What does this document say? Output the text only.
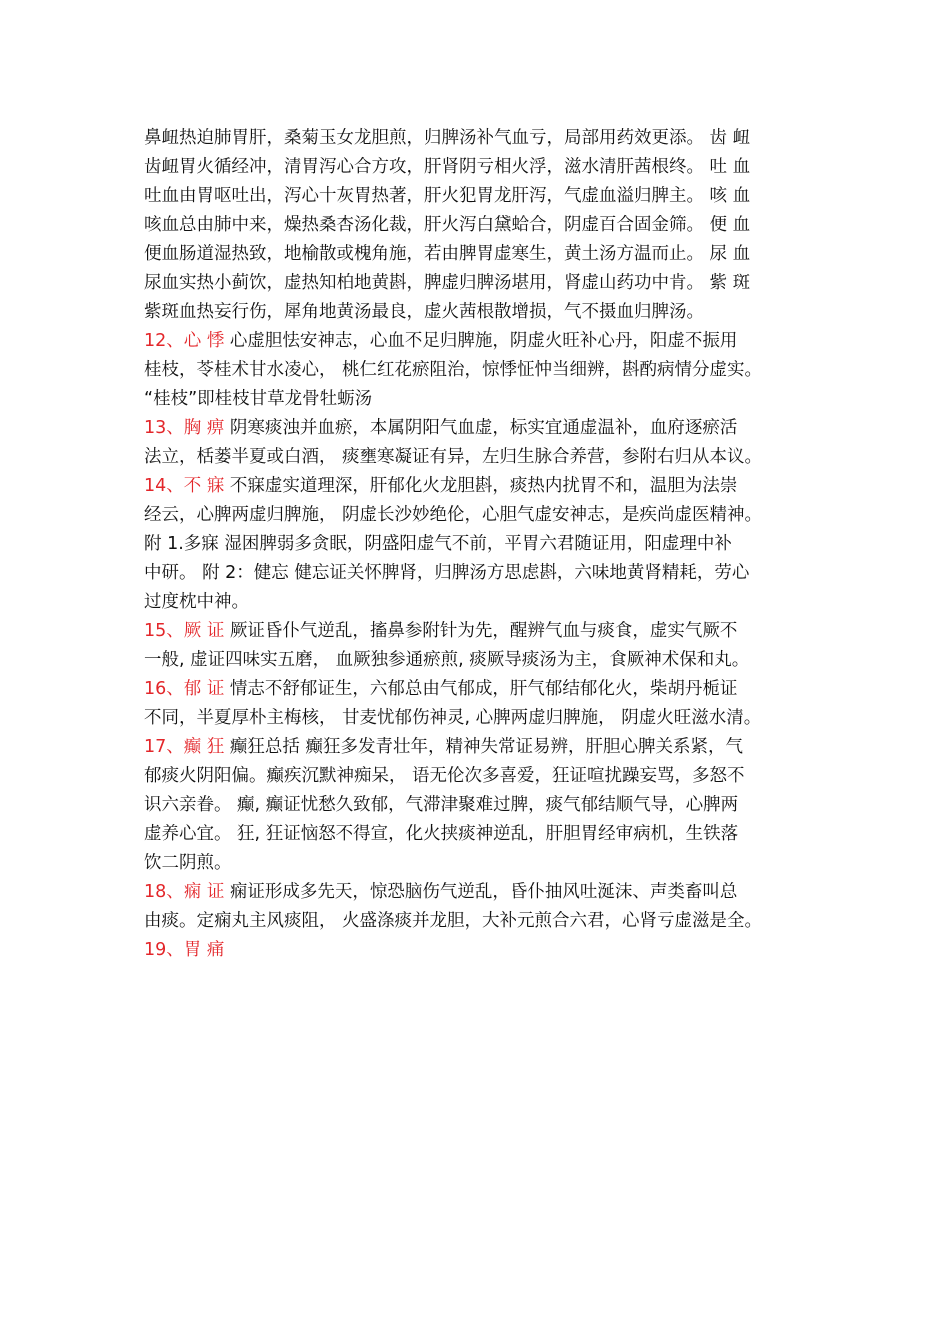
鼻衄热迫肺胃肝，桑菊玉女龙胆煎，归脾汤补气血亏，局部用药效更添。 齿 衄
齿衄胃火循经冲，清胃泻心合方攻，肝肾阴亏相火浮，滋水清肝茜根终。 吐 血
吐血由胃呕吐出，泻心十灰胃热著，肝火犯胃龙肝泻，气虚血溢归脾主。 咳 血
咳血总由肺中来，燥热桑杏汤化裁，肝火泻白黛蛤合，阴虚百合固金筛。 便 血
便血肠道湿热致，地榆散或槐角施，若由脾胃虚寒生，黄土汤方温而止。 尿 血
尿血实热小蓟饮，虚热知柏地黄斟，脾虚归脾汤堪用，肾虚山药功中肯。 紫 斑
紫斑血热妄行伤，犀角地黄汤最良，虚火茜根散增损，气不摄血归脾汤。
12、心 悸 心虚胆怯安神志，心血不足归脾施，阴虚火旺补心丹，阳虚不振用
桂枝，苓桂术甘水凌心， 桃仁红花瘀阻治，惊悸怔忡当细辨，斟酌病情分虚实。
“桂枝”即桂枝甘草龙骨牡蛎汤
13、胸 痹 阴寒痰浊并血瘀，本属阴阳气血虚，标实宜通虚温补，血府逐瘀活
法立，栝蒌半夏或白酒， 痰壅寒凝证有异，左归生脉合养营，参附右归从本议。
14、不 寐 不寐虚实道理深，肝郁化火龙胆斟，痰热内扰胃不和，温胆为法崇
经云，心脾两虚归脾施， 阴虚长沙妙绝伦，心胆气虚安神志，是疾尚虚医精神。
附 1.多寐 湿困脾弱多贪眠，阴盛阳虚气不前，平胃六君随证用，阳虚理中补
中研。 附 2：健忘 健忘证关怀脾肾，归脾汤方思虑斟，六味地黄肾精耗，劳心
过度枕中神。
15、厥 证 厥证昏仆气逆乱，搐鼻参附针为先，醒辨气血与痰食，虚实气厥不
一般, 虚证四味实五磨， 血厥独参通瘀煎, 痰厥导痰汤为主，食厥神术保和丸。
16、郁 证 情志不舒郁证生，六郁总由气郁成，肝气郁结郁化火，柴胡丹栀证
不同，半夏厚朴主梅核， 甘麦忧郁伤神灵, 心脾两虚归脾施， 阴虚火旺滋水清。
17、癫 狂 癫狂总括 癫狂多发青壮年，精神失常证易辨，肝胆心脾关系紧，气
郁痰火阴阳偏。癫疾沉默神痴呆， 语无伦次多喜爱，狂证喧扰躁妄骂，多怒不
识六亲眷。 癫, 癫证忧愁久致郁，气滞津聚难过脾，痰气郁结顺气导，心脾两
虚养心宜。 狂, 狂证恼怒不得宣，化火挟痰神逆乱，肝胆胃经审病机，生铁落
饮二阴煎。
18、痫 证 痫证形成多先天，惊恐脑伤气逆乱，昏仆抽风吐涎沫、声类畜叫总
由痰。定痫丸主风痰阻， 火盛涤痰并龙胆，大补元煎合六君，心肾亏虚滋是全。
19、胃 痛
